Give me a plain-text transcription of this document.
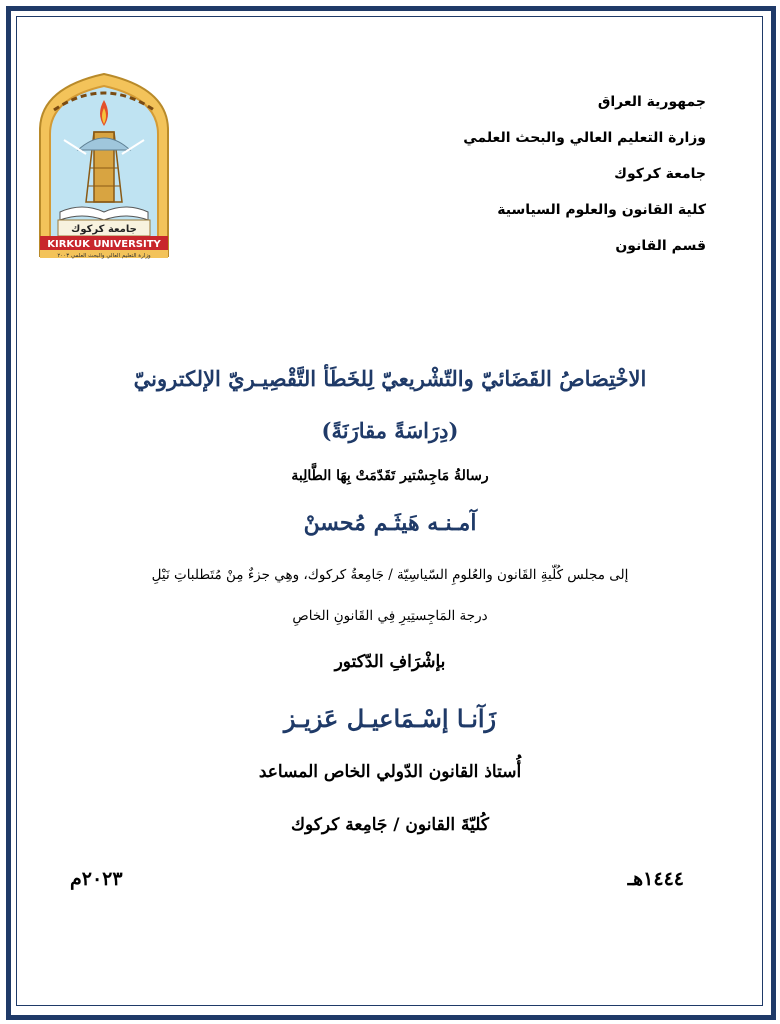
جمهورية العراق
وزارة التعليم العالي والبحث العلمي
جامعة كركوك
كلية القانون والعلوم السياسية
قسم القانون
جامعة كركوك
KIRKUK UNIVERSITY
وزارة التعليم العالي والبحث العلمي ٢٠٠٣
الاخْتِصَاصُ القَضَائيّ والتّشْريعيّ لِلخَطَأ التَّقْصِيـريّ الإلكترونيّ
(دِرَاسَةً مقارَنَةً)
رسالةُ مَاجِسْتير تَقَدّمَتْ بِهَا الطَّالِبة
آمـنـه هَيثَـم مُحسنْ
إلى مجلس كُلّيةِ القَانون والعُلومِ السّياسِيّة / جَامِعةُ كركوك، وهِي جزءٌ مِنْ مُتَطلباتِ نَيْلِ
درجة المَاجِستِيرِ فِي القَانونِ الخاصِ
بإشْرَافِ الدّكتور
زَآنـا إسْـمَاعيـل عَزيـز
أُستاذ القانون الدّولي الخاص المساعد
كُليّةَ القانون / جَامِعة كركوك
١٤٤٤هـ
٢٠٢٣م
